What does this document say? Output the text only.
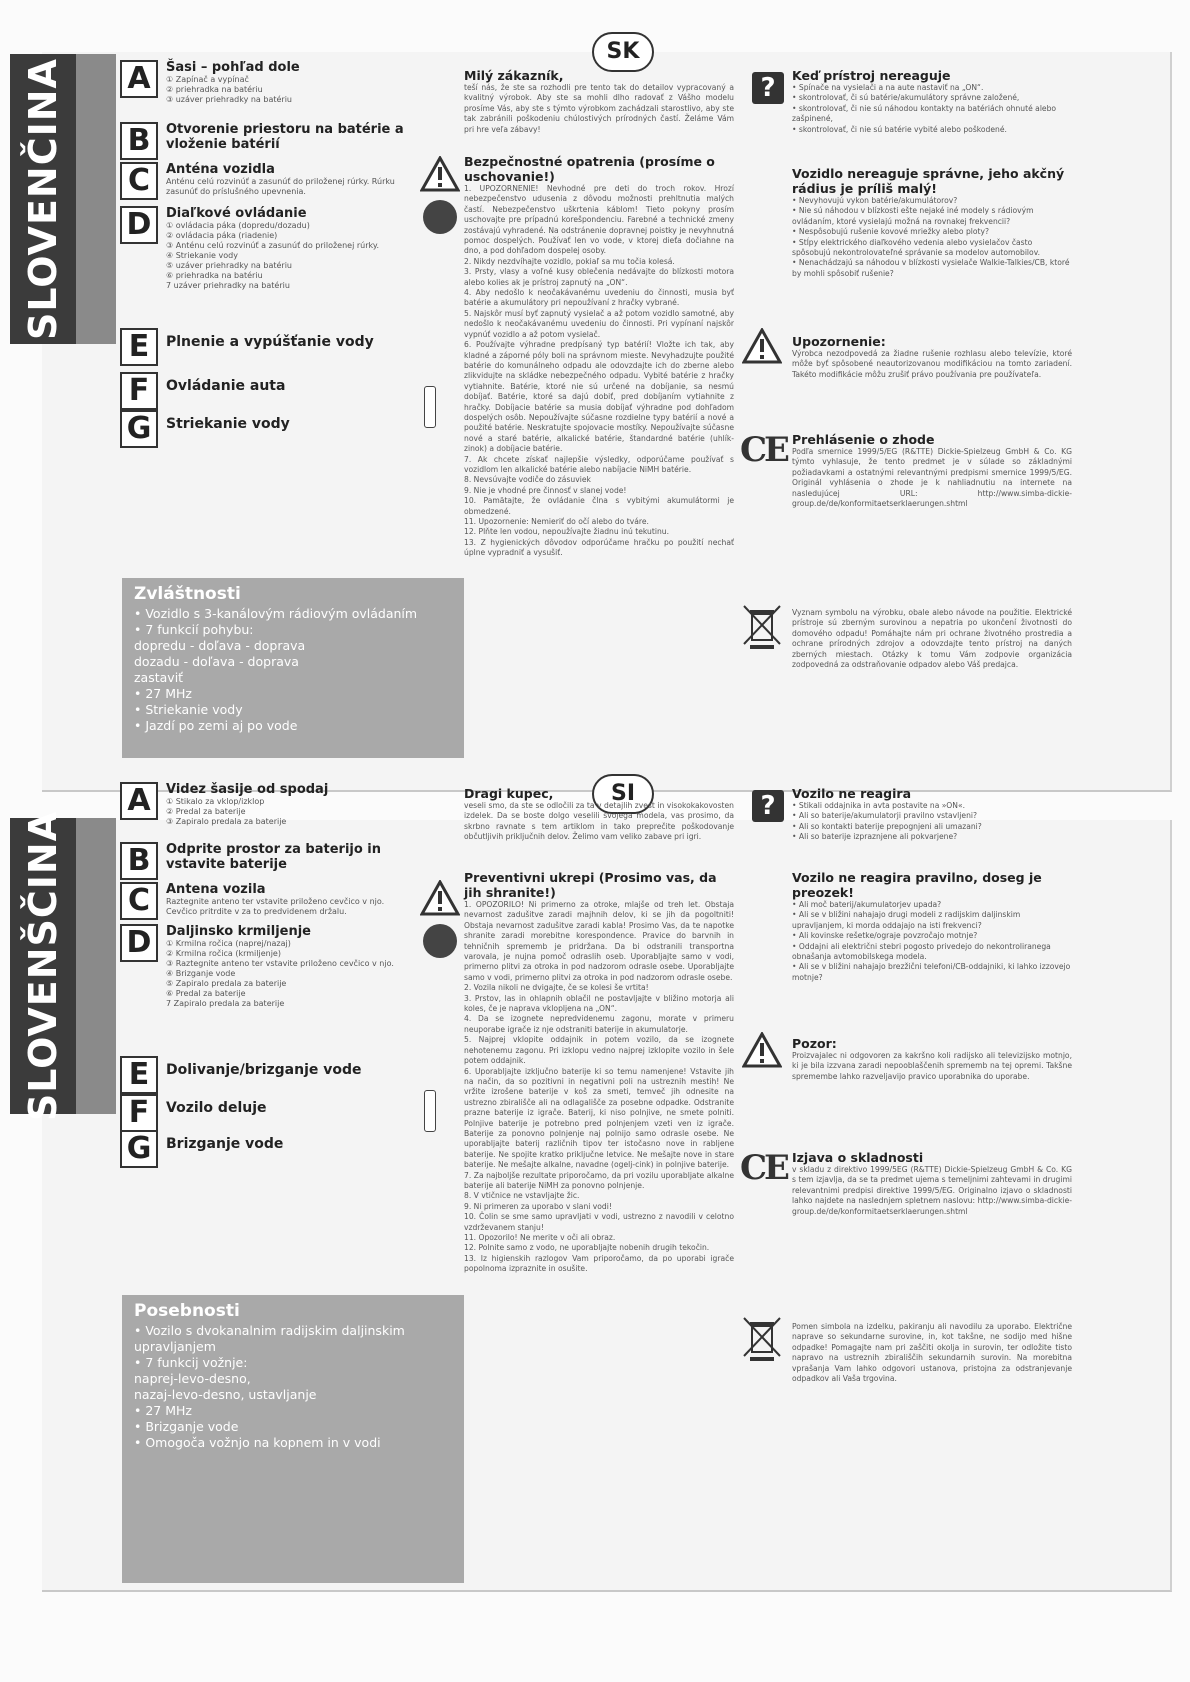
SLOVENČINA A	Šasi – pohľad dole
① Zapínač a vypínač
② priehradka na batériu
③ uzáver priehradky na batériu
B	Otvorenie priestoru na batérie a vloženie batérií
C	Anténa vozidla
Anténu celú rozvinúť a zasunúť do priloženej rúrky. Rúrku zasunúť do príslušného upevnenia.
D	Diaľkové ovládanie
① ovládacia páka (dopredu/dozadu)
② ovládacia páka (riadenie)
③ Anténu celú rozvinúť a zasunúť do priloženej rúrky.
④ Striekanie vody
⑤ uzáver priehradky na batériu
⑥ priehradka na batériu
7 uzáver priehradky na batériu
E	Plnenie a vypúšťanie vody
F	Ovládanie auta
G	Striekanie vody
Zvláštnosti
• Vozidlo s 3-kanálovým rádiovým ovládaním
• 7 funkcií pohybu:
dopredu - doľava - doprava
dozadu - doľava - doprava
zastaviť
• 27 MHz
• Striekanie vody
• Jazdí po zemi aj po vode
SK
Milý zákazník,
teší nás, že ste sa rozhodli pre tento tak do detailov vypracovaný a kvalitný výrobok. Aby ste sa mohli dlho radovať z Vášho modelu prosíme Vás, aby ste s týmto výrobkom zachádzali starostlivo, aby ste tak zabránili poškodeniu chúlostivých prírodných častí. Želáme Vám pri hre veľa zábavy!
Bezpečnostné opatrenia (prosíme o uschovanie!)
1. UPOZORNENIE! Nevhodné pre deti do troch rokov. Hrozí nebezpečenstvo udusenia z dôvodu možnosti prehltnutia malých častí. Nebezpečenstvo uškrtenia káblom! Tieto pokyny prosím uschovajte pre prípadnú korešpondenciu. Farebné a technické zmeny zostávajú vyhradené. Na odstránenie dopravnej poistky je nevyhnutná pomoc dospelých. Používať len vo vode, v ktorej dieťa dočiahne na dno, a pod dohľadom dospelej osoby.
2. Nikdy nezdvíhajte vozidlo, pokiaľ sa mu točia kolesá.
3. Prsty, vlasy a voľné kusy oblečenia nedávajte do blízkosti motora alebo kolies ak je prístroj zapnutý na „ON“.
4. Aby nedošlo k neočakávanému uvedeniu do činnosti, musia byť batérie a akumulátory pri nepoužívaní z hračky vybrané.
5. Najskôr musí byť zapnutý vysielač a až potom vozidlo samotné, aby nedošlo k neočakávanému uvedeniu do činnosti. Pri vypínaní najskôr vypnúť vozidlo a až potom vysielač.
6. Používajte výhradne predpísaný typ batérií! Vložte ich tak, aby kladné a záporné póly boli na správnom mieste. Nevyhadzujte použité batérie do komunálneho odpadu ale odovzdajte ich do zberne alebo zlikvidujte na skládke nebezpečného odpadu. Vybité batérie z hračky vytiahnite. Batérie, ktoré nie sú určené na dobíjanie, sa nesmú dobíjať. Batérie, ktoré sa dajú dobiť, pred dobíjaním vytiahnite z hračky. Dobíjacie batérie sa musia dobíjať výhradne pod dohľadom dospelých osôb. Nepoužívajte súčasne rozdielne typy batérií a nové a použité batérie. Neskratujte spojovacie mostíky. Nepoužívajte súčasne nové a staré batérie, alkalické batérie, štandardné batérie (uhlík-zinok) a dobíjacie batérie.
7. Ak chcete získať najlepšie výsledky, odporúčame používať s vozidlom len alkalické batérie alebo nabíjacie NiMH batérie.
8. Nevsúvajte vodiče do zásuviek
9. Nie je vhodné pre činnosť v slanej vode!
10. Pamätajte, že ovládanie člna s vybitými akumulátormi je obmedzené.
11. Upozornenie: Nemieriť do očí alebo do tváre.
12. Plňte len vodou, nepoužívajte žiadnu inú tekutinu.
13. Z hygienických dôvodov odporúčame hračku po použití nechať úplne vypradniť a vysušiť.
?	Keď prístroj nereaguje
• Spínače na vysielači a na aute nastaviť na „ON“.
• skontrolovať, či sú batérie/akumulátory správne založené,
• skontrolovať, či nie sú náhodou kontakty na batériách ohnuté alebo zašpinené,
• skontrolovať, či nie sú batérie vybité alebo poškodené.
Vozidlo nereaguje správne, jeho akčný rádius je príliš malý!
• Nevyhovujú vykon batérie/akumulátorov?
• Nie sú náhodou v blízkosti ešte nejaké iné modely s rádiovým ovládaním, ktoré vysielajú možná na rovnakej frekvencii?
• Nespôsobujú rušenie kovové mriežky alebo ploty?
• Stĺpy elektrického diaľkového vedenia alebo vysielačov často spôsobujú nekontrolovateľné správanie sa modelov automobilov.
• Nenachádzajú sa náhodou v blízkosti vysielače Walkie-Talkies/CB, ktoré by mohli spôsobiť rušenie?
Upozornenie:
Výrobca nezodpovedá za žiadne rušenie rozhlasu alebo televízie, ktoré môže byť spôsobené neautorizovanou modifikáciou na tomto zariadení. Takéto modifikácie môžu zrušiť právo používania pre používateľa.
CE Prehlásenie o zhode
Podľa smernice 1999/5/EG (R&TTE) Dickie-Spielzeug GmbH & Co. KG týmto vyhlasuje, že tento predmet je v súlade so základnými požiadavkami a ostatnými relevantnými predpismi smernice 1999/5/EG. Originál vyhlásenia o zhode je k nahliadnutiu na internete na nasledujúcej URL: http://www.simba-dickie-group.de/de/konformitaetserklaerungen.shtml
Vyznam symbolu na výrobku, obale alebo návode na použitie. Elektrické prístroje sú zberným surovinou a nepatria po ukončení životnosti do domového odpadu! Pomáhajte nám pri ochrane životného prostredia a ochrane prírodných zdrojov a odovzdajte tento prístroj na daných zberných miestach. Otázky k tomu Vám zodpovie organizácia zodpovedná za odstraňovanie odpadov alebo Váš predajca.
SLOVENŠČINA
A	Videz šasije od spodaj
① Stikalo za vklop/izklop
② Predal za baterije
③ Zapiralo predala za baterije
B	Odprite prostor za baterijo in vstavite baterije
C	Antena vozila
Raztegnite anteno ter vstavite priloženo cevčico v njo. Cevčico pritrdite v za to predvidenem držalu.
D	Daljinsko krmiljenje
① Krmilna ročica (naprej/nazaj)
② Krmilna ročica (krmiljenje)
③ Raztegnite anteno ter vstavite priloženo cevčico v njo.
④ Brizganje vode
⑤ Zapiralo predala za baterije
⑥ Predal za baterije
7 Zapiralo predala za baterije
E	Dolivanje/brizganje vode
F	Vozilo deluje
G	Brizganje vode
Posebnosti
• Vozilo s dvokanalnim radijskim daljinskim upravljanjem
• 7 funkcij vožnje:
naprej-levo-desno,
nazaj-levo-desno, ustavljanje
• 27 MHz
• Brizganje vode
• Omogoča vožnjo na kopnem in v vodi
SI
Dragi kupec,
veseli smo, da ste se odločili za ta v detajlih zvest in visokokakovosten izdelek. Da se boste dolgo veselili svojega modela, vas prosimo, da skrbno ravnate s tem artiklom in tako preprečite poškodovanje občutljivih priključnih delov. Želimo vam veliko zabave pri igri.
Preventivni ukrepi (Prosimo vas, da jih shranite!)
1. OPOZORILO! Ni primerno za otroke, mlajše od treh let. Obstaja nevarnost zadušitve zaradi majhnih delov, ki se jih da pogoltniti! Obstaja nevarnost zadušitve zaradi kabla! Prosimo Vas, da te napotke shranite zaradi morebitne korespondence. Pravice do barvnih in tehničnih sprememb je pridržana. Da bi odstranili transportna varovala, je nujna pomoč odraslih oseb. Uporabljajte samo v vodi, primerno plitvi za otroka in pod nadzorom odrasle osebe. Uporabljajte samo v vodi, primerno plitvi za otroka in pod nadzorom odrasle osebe.
2. Vozila nikoli ne dvigajte, če se kolesi še vrtita!
3. Prstov, las in ohlapnih oblačil ne postavljajte v bližino motorja ali koles, če je naprava vklopljena na „ON“.
4. Da se izognete nepredvidenemu zagonu, morate v primeru neuporabe igrače iz nje odstraniti baterije in akumulatorje.
5. Najprej vklopite oddajnik in potem vozilo, da se izognete nehotenemu zagonu. Pri izklopu vedno najprej izklopite vozilo in šele potem oddajnik.
6. Uporabljajte izključno baterije ki so temu namenjene! Vstavite jih na način, da so pozitivni in negativni poli na ustreznih mestih! Ne vržite izrošene baterije v koš za smeti, temveč jih odnesite na ustrezno zbirališče ali na odlagališče za posebne odpadke. Odstranite prazne baterije iz igrače. Baterij, ki niso polnjive, ne smete polniti. Polnjive baterije je potrebno pred polnjenjem vzeti ven iz igrače. Baterije za ponovno polnjenje naj polnijo samo odrasle osebe. Ne uporabljajte baterij različnih tipov ter istočasno nove in rabljene baterije. Ne spojite kratko priključne letvice. Ne mešajte nove in stare baterije. Ne mešajte alkalne, navadne (ogelj-cink) in polnjive baterije.
7. Za najboljše rezultate priporočamo, da pri vozilu uporabljate alkalne baterije ali baterije NiMH za ponovno polnjenje.
8. V vtičnice ne vstavljajte žic.
9. Ni primeren za uporabo v slani vodi!
10. Čolin se sme samo upravljati v vodi, ustrezno z navodili v celotno vzdrževanem stanju!
11. Opozorilo! Ne merite v oči ali obraz.
12. Polnite samo z vodo, ne uporabljajte nobenih drugih tekočin.
13. Iz higienskih razlogov Vam priporočamo, da po uporabi igrače popolnoma izpraznite in osušite.
?	Vozilo ne reagira
• Stikali oddajnika in avta postavite na »ON«.
• Ali so baterije/akumulatorji pravilno vstavljeni?
• Ali so kontakti baterije prepognjeni ali umazani?
• Ali so baterije izpraznjene ali pokvarjene?
Vozilo ne reagira pravilno, doseg je preozek!
• Ali moč baterij/akumulatorjev upada?
• Ali se v bližini nahajajo drugi modeli z radijskim daljinskim upravljanjem, ki morda oddajajo na isti frekvenci?
• Ali kovinske rešetke/ograje povzročajo motnje?
• Oddajni ali električni stebri pogosto privedejo do nekontroliranega obnašanja avtomobilskega modela.
• Ali se v bližini nahajajo brezžični telefoni/CB-oddajniki, ki lahko izzovejo motnje?
Pozor:
Proizvajalec ni odgovoren za kakršno koli radijsko ali televizijsko motnjo, ki je bila izzvana zaradi nepooblaščenih sprememb na tej opremi. Takšne spremembe lahko razveljavijo pravico uporabnika do uporabe.
CE Izjava o skladnosti
v skladu z direktivo 1999/5EG (R&TTE) Dickie-Spielzeug GmbH & Co. KG s tem izjavlja, da se ta predmet ujema s temeljnimi zahtevami in drugimi relevantnimi predpisi direktive 1999/5/EG. Originalno izjavo o skladnosti lahko najdete na naslednjem spletnem naslovu: http://www.simba-dickie-group.de/de/konformitaetserklaerungen.shtml
Pomen simbola na izdelku, pakiranju ali navodilu za uporabo. Električne naprave so sekundarne surovine, in, kot takšne, ne sodijo med hišne odpadke! Pomagajte nam pri zaščiti okolja in surovin, ter odložite tisto napravo na ustreznih zbirališčih sekundarnih surovin. Na morebitna vprašanja Vam lahko odgovori ustanova, pristojna za odstranjevanje odpadkov ali Vaša trgovina.
